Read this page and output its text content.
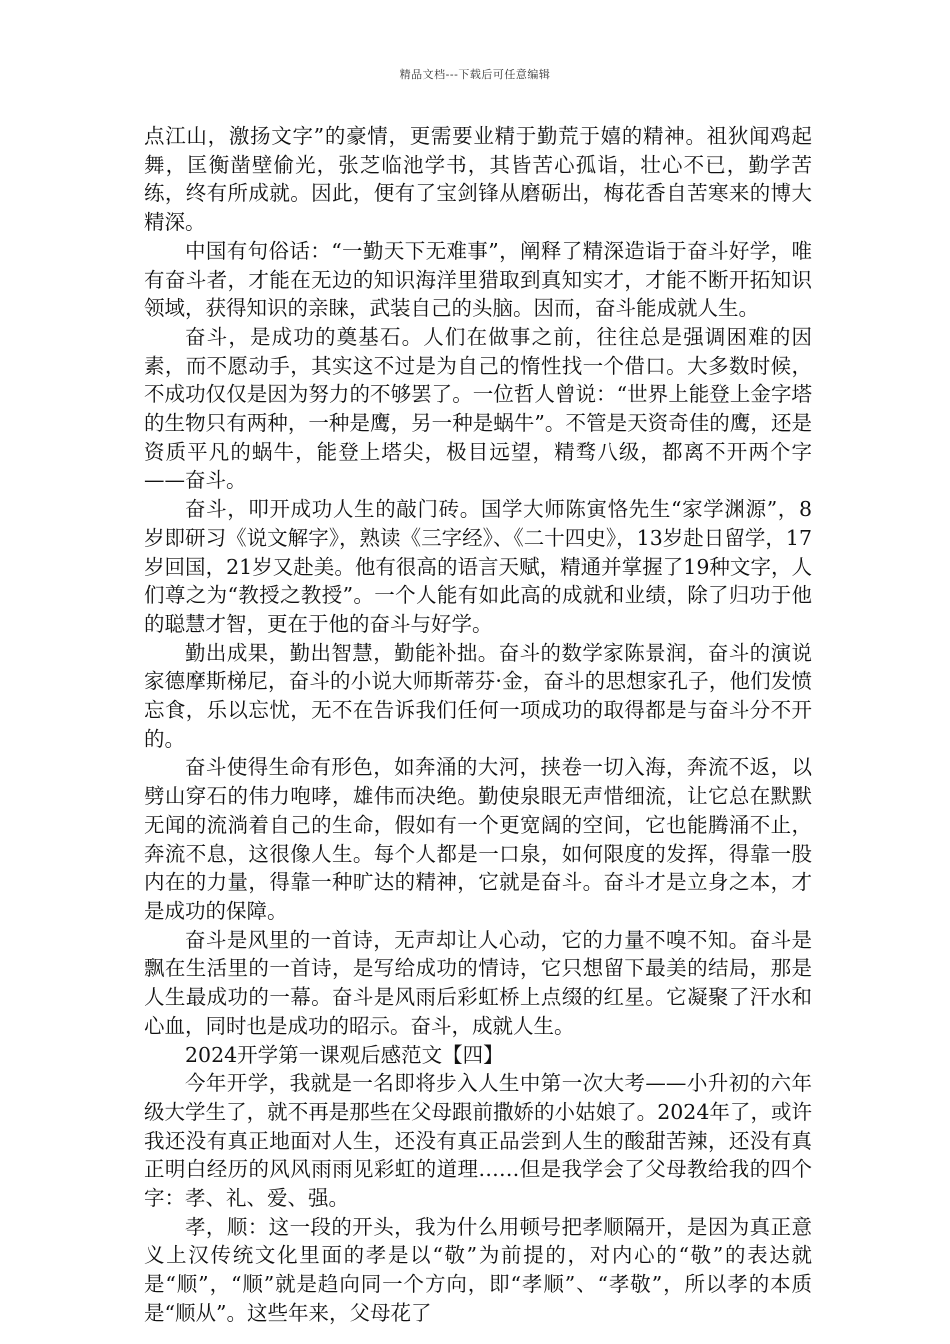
精品文档---下载后可任意编辑

点江山，激扬文字”的豪情，更需要业精于勤荒于嬉的精神。祖狄闻鸡起舞，匡衡凿壁偷光，张芝临池学书，其皆苦心孤诣，壮心不已，勤学苦练，终有所成就。因此，便有了宝剑锋从磨砺出，梅花香自苦寒来的博大精深。

中国有句俗话：“一勤天下无难事”，阐释了精深造诣于奋斗好学，唯有奋斗者，才能在无边的知识海洋里猎取到真知实才，才能不断开拓知识领域，获得知识的亲睐，武装自己的头脑。因而，奋斗能成就人生。

奋斗，是成功的奠基石。人们在做事之前，往往总是强调困难的因素，而不愿动手，其实这不过是为自己的惰性找一个借口。大多数时候，不成功仅仅是因为努力的不够罢了。一位哲人曾说：“世界上能登上金字塔的生物只有两种，一种是鹰，另一种是蜗牛”。不管是天资奇佳的鹰，还是资质平凡的蜗牛，能登上塔尖，极目远望，精骛八级，都离不开两个字——奋斗。

奋斗，叩开成功人生的敲门砖。国学大师陈寅恪先生“家学渊源”，8岁即研习《说文解字》，熟读《三字经》、《二十四史》，13岁赴日留学，17岁回国，21岁又赴美。他有很高的语言天赋，精通并掌握了19种文字，人们尊之为“教授之教授”。一个人能有如此高的成就和业绩，除了归功于他的聪慧才智，更在于他的奋斗与好学。

勤出成果，勤出智慧，勤能补拙。奋斗的数学家陈景润，奋斗的演说家德摩斯梯尼，奋斗的小说大师斯蒂芬·金，奋斗的思想家孔子，他们发愤忘食，乐以忘忧，无不在告诉我们任何一项成功的取得都是与奋斗分不开的。

奋斗使得生命有形色，如奔涌的大河，挟卷一切入海，奔流不返，以劈山穿石的伟力咆哮，雄伟而决绝。勤使泉眼无声惜细流，让它总在默默无闻的流淌着自己的生命，假如有一个更宽阔的空间，它也能腾涌不止，奔流不息，这很像人生。每个人都是一口泉，如何限度的发挥，得靠一股内在的力量，得靠一种旷达的精神，它就是奋斗。奋斗才是立身之本，才是成功的保障。

奋斗是风里的一首诗，无声却让人心动，它的力量不嗅不知。奋斗是飘在生活里的一首诗，是写给成功的情诗，它只想留下最美的结局，那是人生最成功的一幕。奋斗是风雨后彩虹桥上点缀的红星。它凝聚了汗水和心血，同时也是成功的昭示。奋斗，成就人生。

2024开学第一课观后感范文【四】

今年开学，我就是一名即将步入人生中第一次大考——小升初的六年级大学生了，就不再是那些在父母跟前撒娇的小姑娘了。2024年了，或许我还没有真正地面对人生，还没有真正品尝到人生的酸甜苦辣，还没有真正明白经历的风风雨雨见彩虹的道理……但是我学会了父母教给我的四个字：孝、礼、爱、强。

孝，顺：这一段的开头，我为什么用顿号把孝顺隔开，是因为真正意义上汉传统文化里面的孝是以“敬”为前提的，对内心的“敬”的表达就是“顺”，“顺”就是趋向同一个方向，即“孝顺”、“孝敬”，所以孝的本质是“顺从”。这些年来，父母花了
